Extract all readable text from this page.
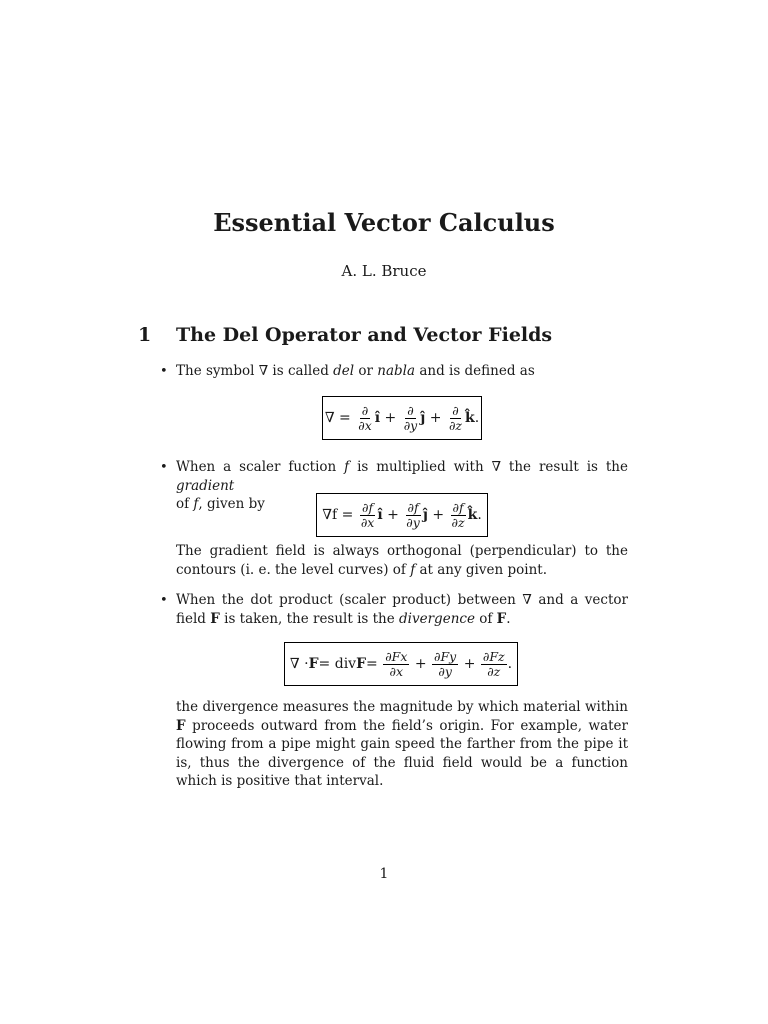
Essential Vector Calculus
A. L. Bruce
1 The Del Operator and Vector Fields
• The symbol ∇ is called del or nabla and is defined as
∇ =
$\frac{\partial}{\partial x}$ î
+
$\frac{\partial}{\partial y}$ ĵ
+
$\frac{\partial}{\partial z}$ k̂ .
• When a scaler fuction f is multiplied with ∇ the result is the gradient
of f, given by
∇f =
$\frac{\partial f}{\partial x}$ î
+
$\frac{\partial f}{\partial y}$ ĵ
+
$\frac{\partial f}{\partial z}$ k̂ .
The gradient field is always orthogonal (perpendicular) to the contours (i. e. the level curves) of f at any given point.
• When the dot product (scaler product) between ∇ and a vector field F is taken, the result is the divergence of F.
∇ · F = div F =
$\frac{\partial Fx}{\partial x}$
+
$\frac{\partial Fy}{\partial y}$
+
$\frac{\partial Fz}{\partial z}$ .
the divergence measures the magnitude by which material within F proceeds outward from the field’s origin. For example, water flowing from a pipe might gain speed the farther from the pipe it is, thus the divergence of the fluid field would be a function which is positive that interval.
1
